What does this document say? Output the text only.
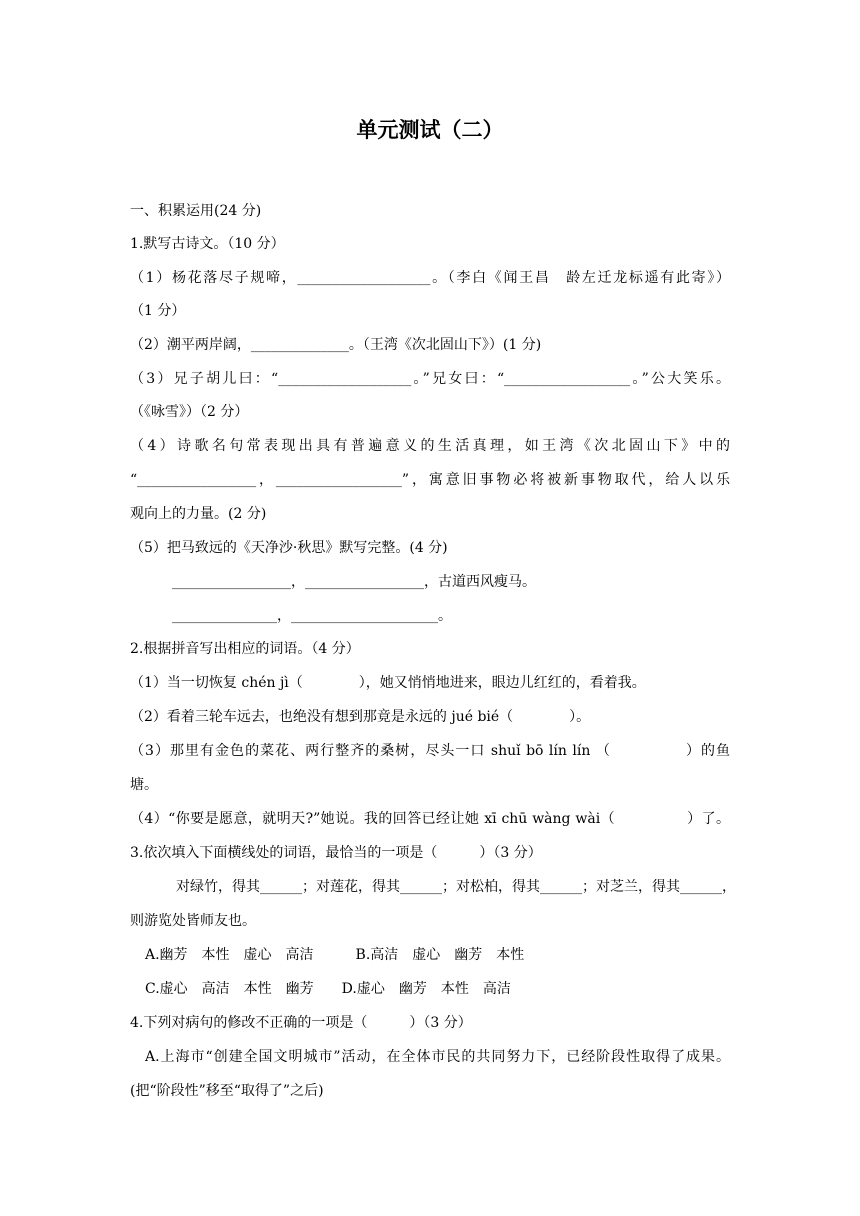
单元测试（二）
一、积累运用(24 分)
1.默写古诗文。（10 分）
（1）杨花落尽子规啼，___________________。（李白《闻王昌　龄左迁龙标遥有此寄》）
（1 分）
（2）潮平两岸阔，______________。（王湾《次北固山下》）(1 分)
（3）兄子胡儿曰：“___________________。”兄女曰：“__________________。”公大笑乐。
（《咏雪》）（2 分）
（4）诗歌名句常表现出具有普遍意义的生活真理，如王湾《次北固山下》中的
“_________________，__________________”，寓意旧事物必将被新事物取代，给人以乐
观向上的力量。(2 分)
（5）把马致远的《天净沙·秋思》默写完整。(4 分)
_________________，_________________，古道西风瘦马。
_______________，_____________________。
2.根据拼音写出相应的词语。（4 分）
（1）当一切恢复 chén jì（　　　　），她又悄悄地进来，眼边儿红红的，看着我。
（2）看着三轮车远去，也绝没有想到那竟是永远的 jué bié（　　　　）。
（3）那里有金色的菜花、两行整齐的桑树，尽头一口 shuǐ bō lín lín （　　　　　）的鱼
塘。
（4）“你要是愿意，就明天?”她说。我的回答已经让她 xī chū wàng wài（　　　　　）了。
3.依次填入下面横线处的词语，最恰当的一项是（　　　）（3 分）
对绿竹，得其______；对莲花，得其______；对松柏，得其______；对芝兰，得其______，
则游览处皆师友也。
A.幽芳　本性　虚心　高洁　　　B.高洁　虚心　幽芳　本性
C.虚心　高洁　本性　幽芳　　D.虚心　幽芳　本性　高洁
4.下列对病句的修改不正确的一项是（　　　）（3 分）
A.上海市“创建全国文明城市”活动，在全体市民的共同努力下，已经阶段性取得了成果。
(把“阶段性”移至“取得了”之后)
